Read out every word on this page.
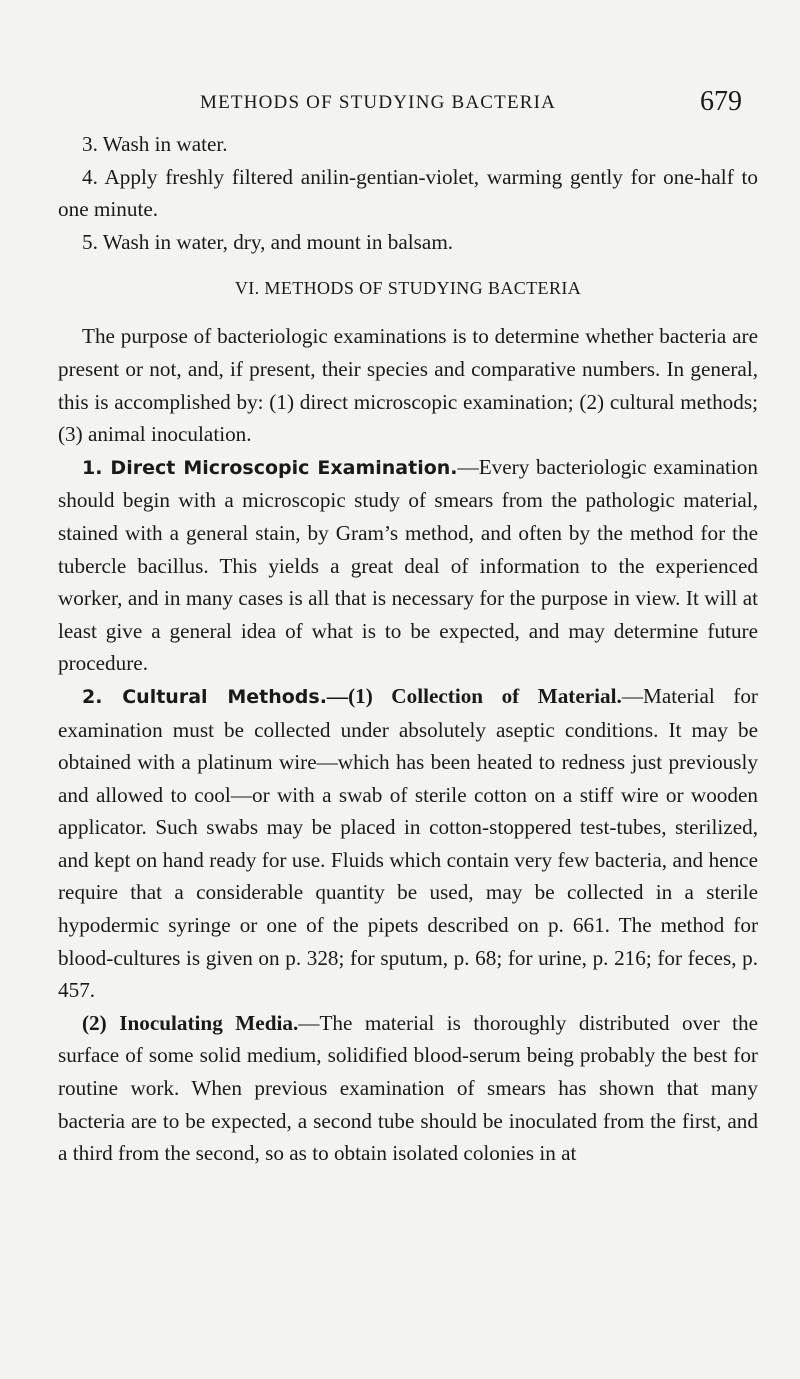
METHODS OF STUDYING BACTERIA	679

3. Wash in water.

4. Apply freshly filtered anilin-gentian-violet, warming gently for one-half to one minute.

5. Wash in water, dry, and mount in balsam.

VI. METHODS OF STUDYING BACTERIA

The purpose of bacteriologic examinations is to determine whether bacteria are present or not, and, if present, their species and comparative numbers. In general, this is accomplished by: (1) direct microscopic examination; (2) cultural methods; (3) animal inoculation.

1. Direct Microscopic Examination.—Every bacteriologic examination should begin with a microscopic study of smears from the pathologic material, stained with a general stain, by Gram’s method, and often by the method for the tubercle bacillus. This yields a great deal of information to the experienced worker, and in many cases is all that is necessary for the purpose in view. It will at least give a general idea of what is to be expected, and may determine future procedure.

2. Cultural Methods.—(1) Collection of Material.—Material for examination must be collected under absolutely aseptic conditions. It may be obtained with a platinum wire—which has been heated to redness just previously and allowed to cool—or with a swab of sterile cotton on a stiff wire or wooden applicator. Such swabs may be placed in cotton-stoppered test-tubes, sterilized, and kept on hand ready for use. Fluids which contain very few bacteria, and hence require that a considerable quantity be used, may be collected in a sterile hypodermic syringe or one of the pipets described on p. 661. The method for blood-cultures is given on p. 328; for sputum, p. 68; for urine, p. 216; for feces, p. 457.

(2) Inoculating Media.—The material is thoroughly distributed over the surface of some solid medium, solidified blood-serum being probably the best for routine work. When previous examination of smears has shown that many bacteria are to be expected, a second tube should be inoculated from the first, and a third from the second, so as to obtain isolated colonies in at
